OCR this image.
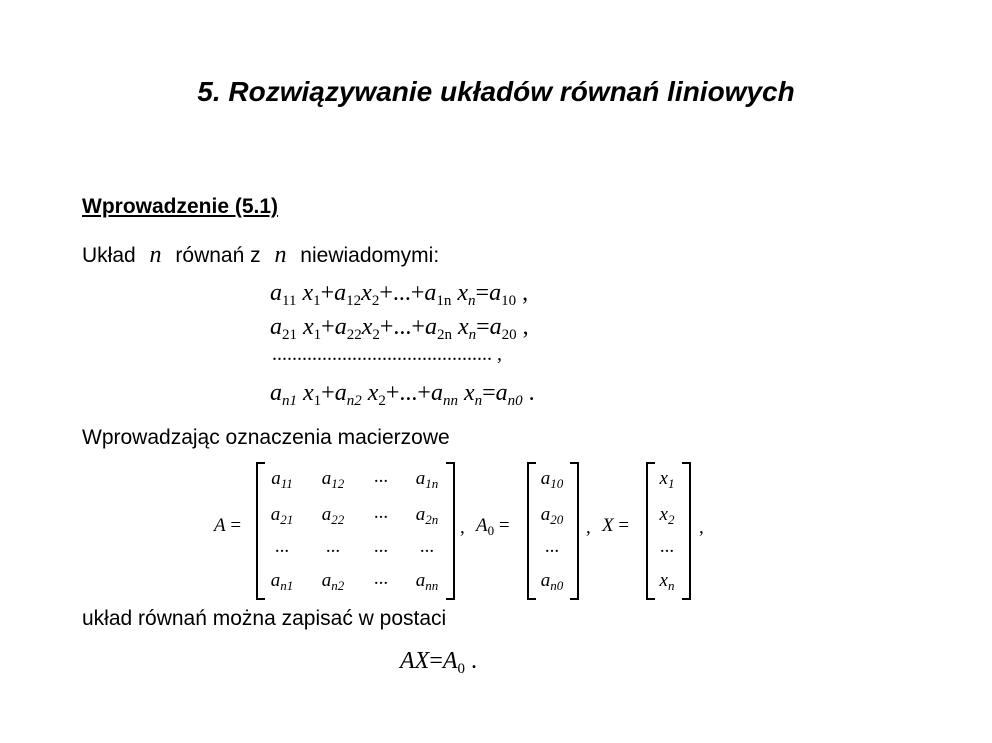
5. Rozwiązywanie układów równań liniowych
Wprowadzenie (5.1)
Układ n równań z n niewiadomymi:
$a_{11}$ $x_1+a_{12}x_2+...+a_{1n}$ $x_n=a_{10}$ ,
$a_{21}$ $x_1+a_{22}x_2+...+a_{2n}$ $x_n=a_{20}$ ,
............................................ ,
$a_{n1}$ $x_1+a_{n2}$ $x_2+...+a_{nn}$ $x_n=a_{n0}$ .
Wprowadzając oznaczenia macierzowe
A =
$a_{11}$	$a_{12}$	...	$a_{1n}$
$a_{21}$	$a_{22}$	...	$a_{2n}$
...	...	...	...
$a_{n1}$	$a_{n2}$	...	$a_{nn}$
, $A_0$ =
$a_{10}$
$a_{20}$
...
$a_{n0}$
, X =
$x_1$
$x_2$
...
$x_n$
,
układ równań można zapisać w postaci
$AX=A_0$ .
